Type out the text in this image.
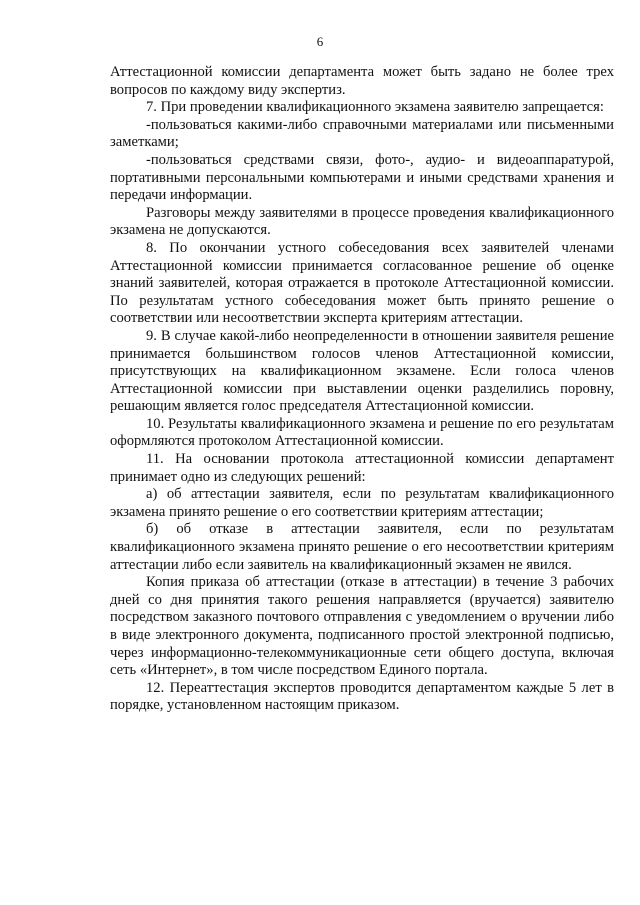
6

Аттестационной комиссии департамента может быть задано не более трех вопросов по каждому виду экспертиз.

7. При проведении квалификационного экзамена заявителю запрещается:

-пользоваться какими-либо справочными материалами или письменными заметками;

-пользоваться средствами связи, фото-, аудио- и видеоаппаратурой, портативными персональными компьютерами и иными средствами хранения и передачи информации.

Разговоры между заявителями в процессе проведения квалификационного экзамена не допускаются.

8. По окончании устного собеседования всех заявителей членами Аттестационной комиссии принимается согласованное решение об оценке знаний заявителей, которая отражается в протоколе Аттестационной комиссии. По результатам устного собеседования может быть принято решение о соответствии или несоответствии эксперта критериям аттестации.

9. В случае какой-либо неопределенности в отношении заявителя решение принимается большинством голосов членов Аттестационной комиссии, присутствующих на квалификационном экзамене. Если голоса членов Аттестационной комиссии при выставлении оценки разделились поровну, решающим является голос председателя Аттестационной комиссии.

10. Результаты квалификационного экзамена и решение по его результатам оформляются протоколом Аттестационной комиссии.

11. На основании протокола аттестационной комиссии департамент принимает одно из следующих решений:

а) об аттестации заявителя, если по результатам квалификационного экзамена принято решение о его соответствии критериям аттестации;

б) об отказе в аттестации заявителя, если по результатам квалификационного экзамена принято решение о его несоответствии критериям аттестации либо если заявитель на квалификационный экзамен не явился.

Копия приказа об аттестации (отказе в аттестации) в течение 3 рабочих дней со дня принятия такого решения направляется (вручается) заявителю посредством заказного почтового отправления с уведомлением о вручении либо в виде электронного документа, подписанного простой электронной подписью, через информационно-телекоммуникационные сети общего доступа, включая сеть «Интернет», в том числе посредством Единого портала.

12. Переаттестация экспертов проводится департаментом каждые 5 лет в порядке, установленном настоящим приказом.
